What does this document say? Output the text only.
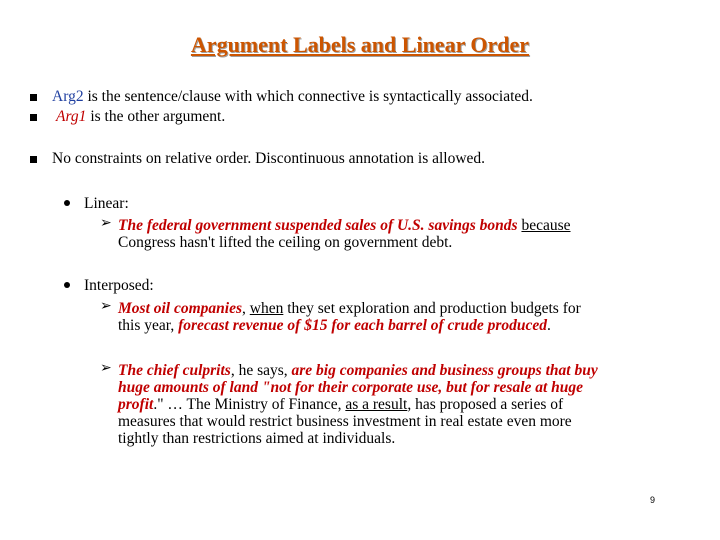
Argument Labels and Linear Order
Arg2 is the sentence/clause with which connective is syntactically associated.
Arg1 is the other argument.
No constraints on relative order. Discontinuous annotation is allowed.
Linear:
➢ The federal government suspended sales of U.S. savings bonds because
Congress hasn't lifted the ceiling on government debt.
Interposed:
➢ Most oil companies, when they set exploration and production budgets for
this year, forecast revenue of $15 for each barrel of crude produced.
➢ The chief culprits, he says, are big companies and business groups that buy
huge amounts of land "not for their corporate use, but for resale at huge
profit." … The Ministry of Finance, as a result, has proposed a series of
measures that would restrict business investment in real estate even more
tightly than restrictions aimed at individuals.
9
